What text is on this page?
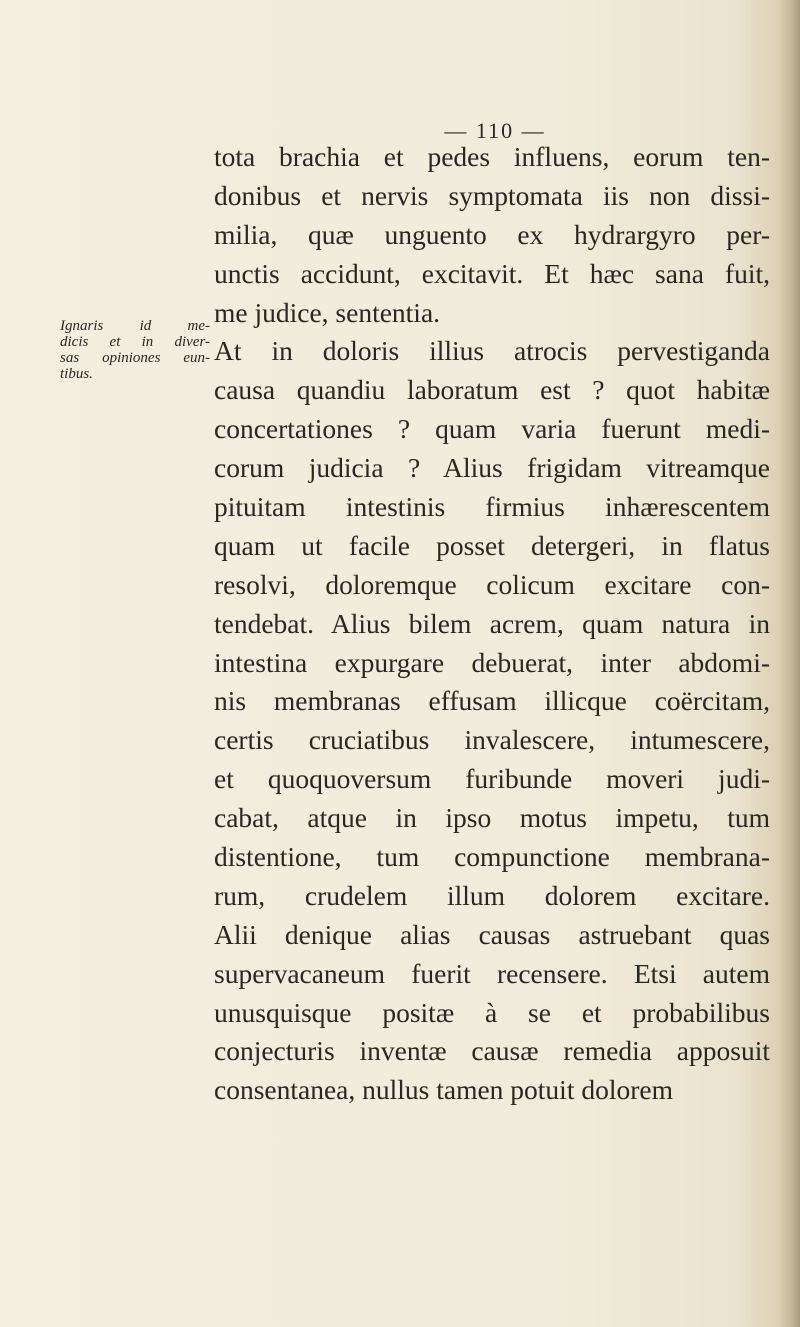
— 110 —
Ignaris id me-
dicis et in diver-
sas opiniones eun-
tibus.
tota brachia et pedes influens, eorum ten-
donibus et nervis symptomata iis non dissi-
milia, quæ unguento ex hydrargyro per-
unctis accidunt, excitavit. Et hæc sana fuit,
me judice, sententia.
At in doloris illius atrocis pervestiganda
causa quandiu laboratum est ? quot habitæ
concertationes ? quam varia fuerunt medi-
corum judicia ? Alius frigidam vitreamque
pituitam intestinis firmius inhærescentem
quam ut facile posset detergeri, in flatus
resolvi, doloremque colicum excitare con-
tendebat. Alius bilem acrem, quam natura in
intestina expurgare debuerat, inter abdomi-
nis membranas effusam illicque coërcitam,
certis cruciatibus invalescere, intumescere,
et quoquoversum furibunde moveri judi-
cabat, atque in ipso motus impetu, tum
distentione, tum compunctione membrana-
rum, crudelem illum dolorem excitare.
Alii denique alias causas astruebant quas
supervacaneum fuerit recensere. Etsi autem
unusquisque positæ à se et probabilibus
conjecturis inventæ causæ remedia apposuit
consentanea, nullus tamen potuit dolorem
